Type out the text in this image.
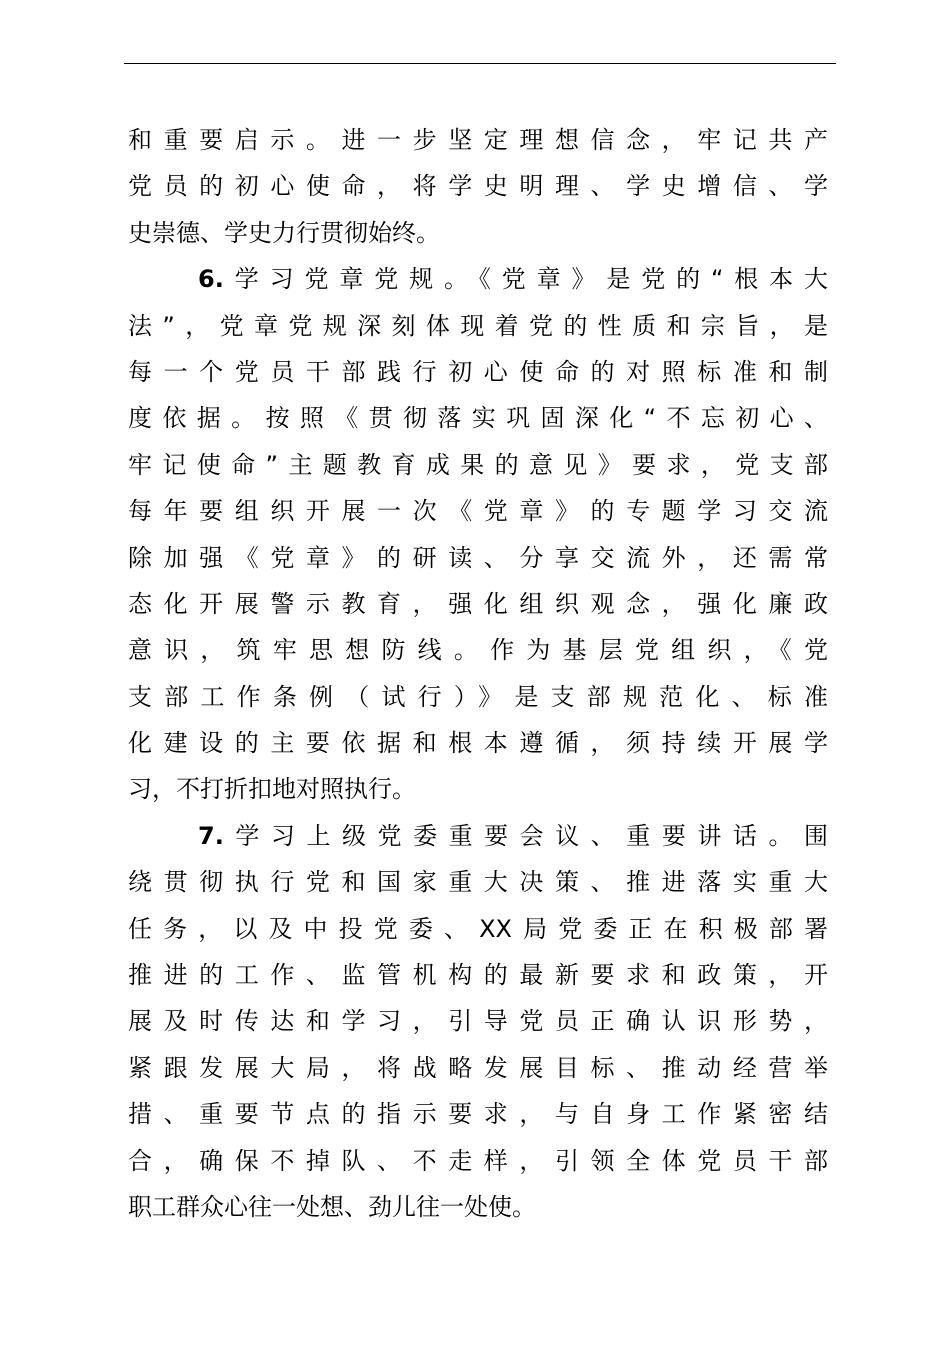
和重要启示。进一步坚定理想信念，牢记共产
党员的初心使命，将学史明理、学史增信、学
史崇德、学史力行贯彻始终。
6.学习党章党规。《党章》是党的“根本大
法”，党章党规深刻体现着党的性质和宗旨，是
每一个党员干部践行初心使命的对照标准和制
度依据。按照《贯彻落实巩固深化“不忘初心、
牢记使命”主题教育成果的意见》要求，党支部
每年要组织开展一次《党章》的专题学习交流
除加强《党章》的研读、分享交流外，还需常
态化开展警示教育，强化组织观念，强化廉政
意识，筑牢思想防线。作为基层党组织，《党
支部工作条例（试行）》是支部规范化、标准
化建设的主要依据和根本遵循，须持续开展学
习，不打折扣地对照执行。
7.学习上级党委重要会议、重要讲话。围
绕贯彻执行党和国家重大决策、推进落实重大
任务，以及中投党委、XX局党委正在积极部署
推进的工作、监管机构的最新要求和政策，开
展及时传达和学习，引导党员正确认识形势，
紧跟发展大局，将战略发展目标、推动经营举
措、重要节点的指示要求，与自身工作紧密结
合，确保不掉队、不走样，引领全体党员干部
职工群众心往一处想、劲儿往一处使。
